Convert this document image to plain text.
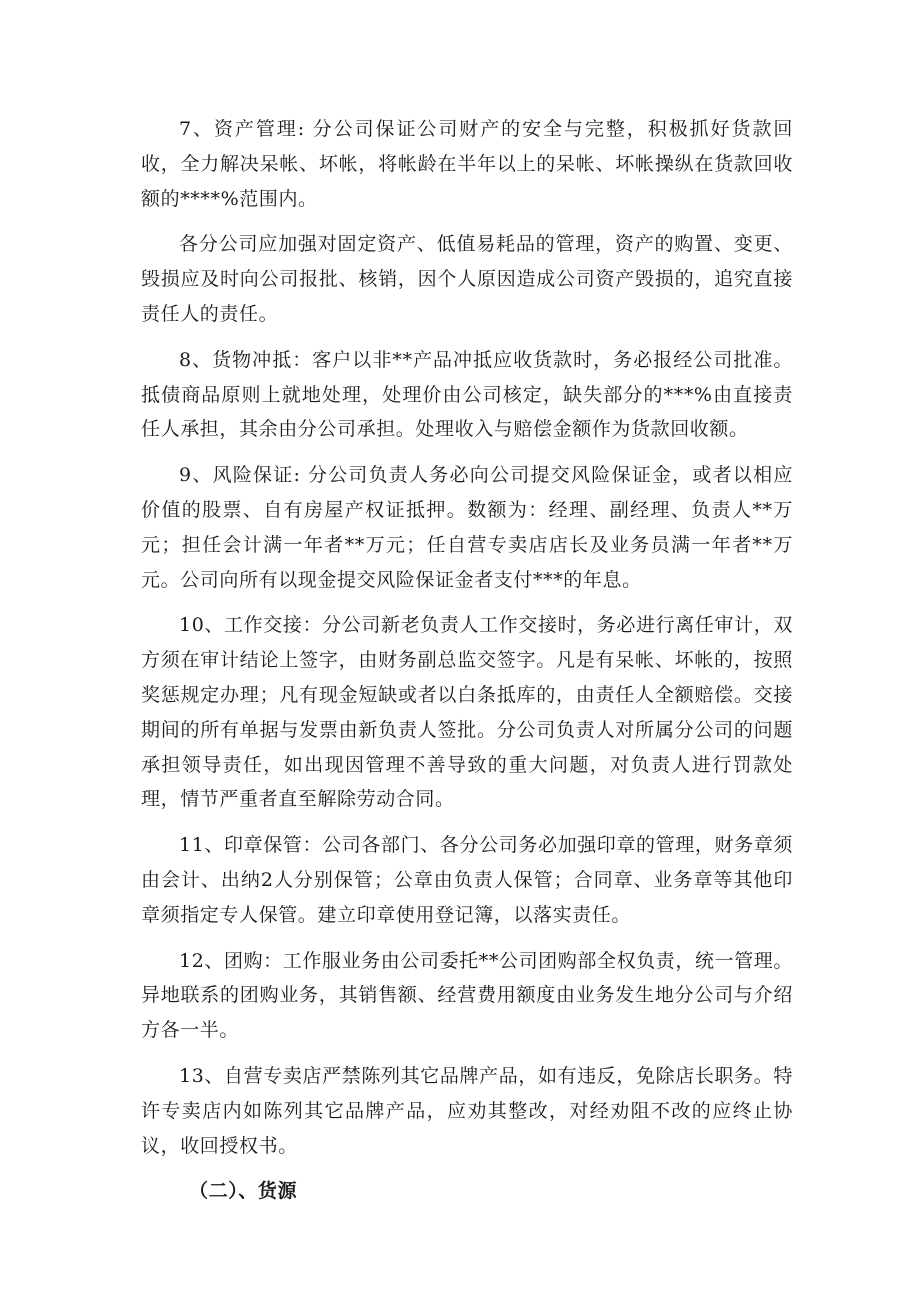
7、资产管理: 分公司保证公司财产的安全与完整，积极抓好货款回收，全力解决呆帐、坏帐，将帐龄在半年以上的呆帐、坏帐操纵在货款回收额的****%范围内。

各分公司应加强对固定资产、低值易耗品的管理，资产的购置、变更、毁损应及时向公司报批、核销，因个人原因造成公司资产毁损的，追究直接责任人的责任。

8、货物冲抵：客户以非**产品冲抵应收货款时，务必报经公司批准。抵债商品原则上就地处理，处理价由公司核定，缺失部分的***%由直接责任人承担，其余由分公司承担。处理收入与赔偿金额作为货款回收额。

9、风险保证: 分公司负责人务必向公司提交风险保证金，或者以相应价值的股票、自有房屋产权证抵押。数额为：经理、副经理、负责人**万元；担任会计满一年者**万元；任自营专卖店店长及业务员满一年者**万元。公司向所有以现金提交风险保证金者支付***的年息。

10、工作交接：分公司新老负责人工作交接时，务必进行离任审计，双方须在审计结论上签字，由财务副总监交签字。凡是有呆帐、坏帐的，按照奖惩规定办理；凡有现金短缺或者以白条抵库的，由责任人全额赔偿。交接期间的所有单据与发票由新负责人签批。分公司负责人对所属分公司的问题承担领导责任，如出现因管理不善导致的重大问题，对负责人进行罚款处理，情节严重者直至解除劳动合同。

11、印章保管：公司各部门、各分公司务必加强印章的管理，财务章须由会计、出纳2人分别保管；公章由负责人保管；合同章、业务章等其他印章须指定专人保管。建立印章使用登记簿，以落实责任。

12、团购：工作服业务由公司委托**公司团购部全权负责，统一管理。异地联系的团购业务，其销售额、经营费用额度由业务发生地分公司与介绍方各一半。

13、自营专卖店严禁陈列其它品牌产品，如有违反，免除店长职务。特许专卖店内如陈列其它品牌产品，应劝其整改，对经劝阻不改的应终止协议，收回授权书。

（二）、货源
